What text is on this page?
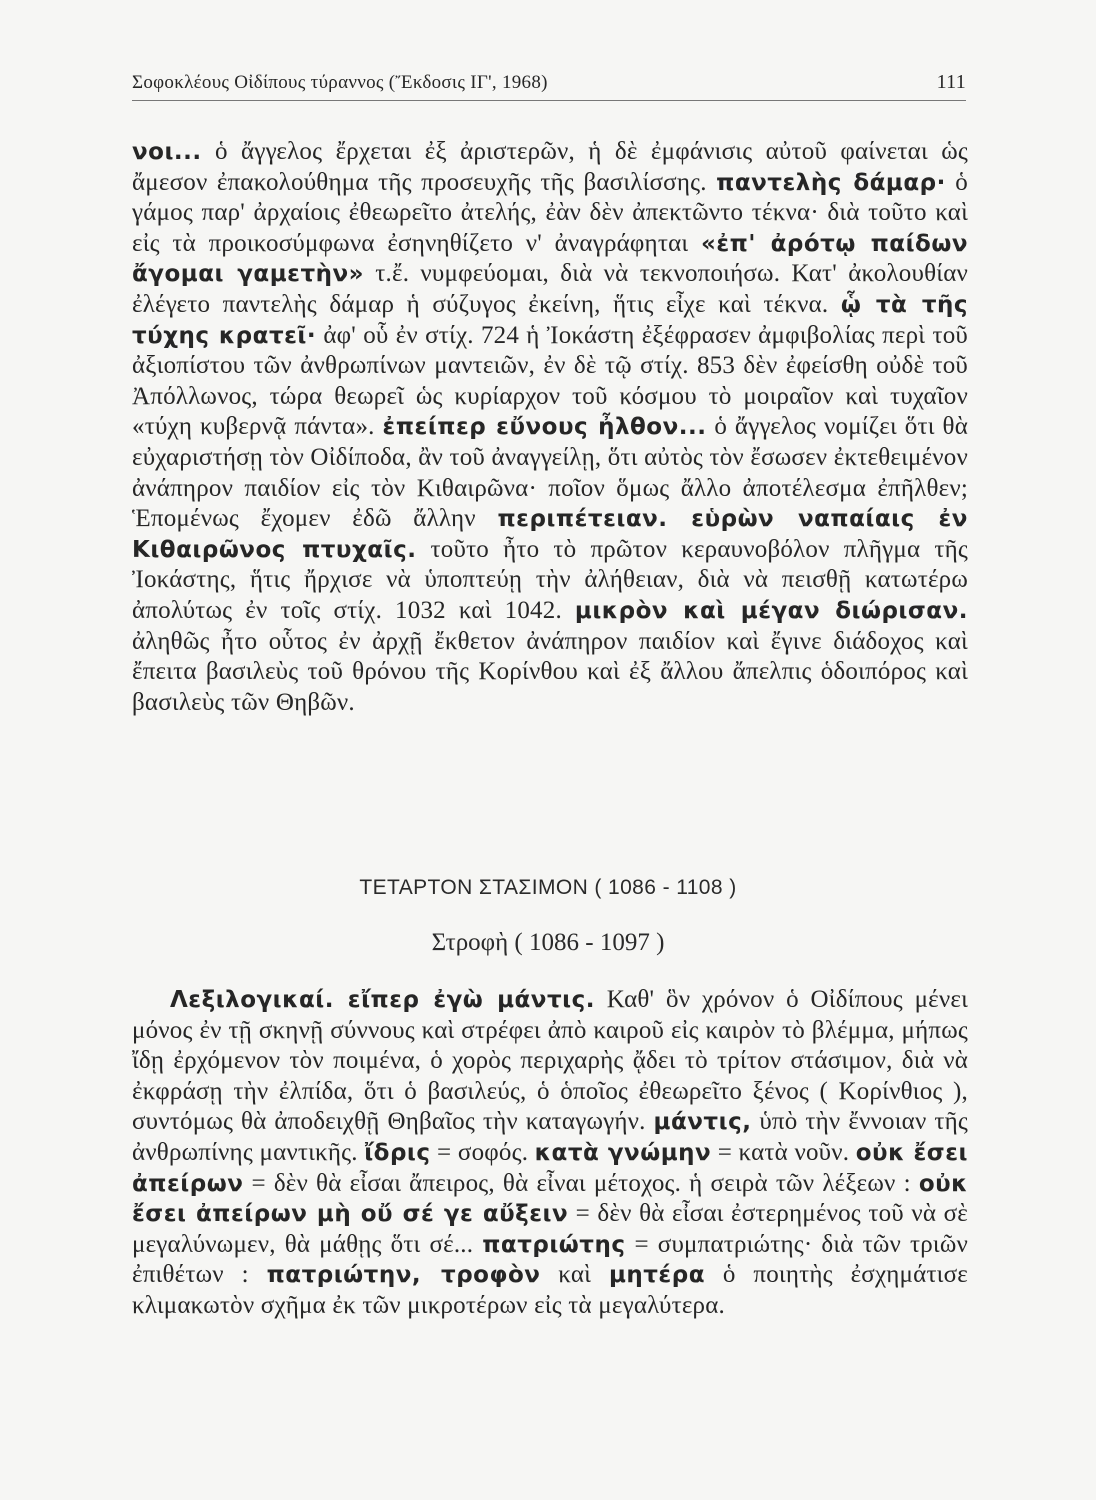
Σοφοκλέους Οἰδίπους τύραννος (Ἔκδοσις ΙΓ', 1968)	111
νοι... ὁ ἄγγελος ἔρχεται ἐξ ἀριστερῶν, ἡ δὲ ἐμφάνισις αὐτοῦ φαίνεται ὡς ἄμεσον ἐπακολούθημα τῆς προσευχῆς τῆς βασιλίσσης. παντελὴς δάμαρ· ὁ γάμος παρ' ἀρχαίοις ἐθεωρεῖτο ἀτελής, ἐὰν δὲν ἀπεκτῶντο τέκνα· διὰ τοῦτο καὶ εἰς τὰ προικοσύμφωνα ἐσηνηθίζετο ν' ἀναγράφηται «ἐπ' ἀρότῳ παίδων ἄγομαι γαμετὴν» τ.ἔ. νυμφεύομαι, διὰ νὰ τεκνοποιήσω. Κατ' ἀκολουθίαν ἐλέγετο παντελὴς δάμαρ ἡ σύζυγος ἐκείνη, ἥτις εἶχε καὶ τέκνα. ᾧ τὰ τῆς τύχης κρατεῖ· ἀφ' οὗ ἐν στίχ. 724 ἡ Ἰοκάστη ἐξέφρασεν ἀμφιβολίας περὶ τοῦ ἀξιοπίστου τῶν ἀνθρωπίνων μαντειῶν, ἐν δὲ τῷ στίχ. 853 δὲν ἐφείσθη οὐδὲ τοῦ Ἀπόλλωνος, τώρα θεωρεῖ ὡς κυρίαρχον τοῦ κόσμου τὸ μοιραῖον καὶ τυχαῖον «τύχη κυβερνᾷ πάντα». ἐπείπερ εὔνους ἦλθον... ὁ ἄγγελος νομίζει ὅτι θὰ εὐχαριστήσῃ τὸν Οἰδίποδα, ἂν τοῦ ἀναγγείλῃ, ὅτι αὐτὸς τὸν ἔσωσεν ἐκτεθειμένον ἀνάπηρον παιδίον εἰς τὸν Κιθαιρῶνα· ποῖον ὅμως ἄλλο ἀποτέλεσμα ἐπῆλθεν; Ἑπομένως ἔχομεν ἐδῶ ἄλλην περιπέτειαν. εὑρὼν ναπαίαις ἐν Κιθαιρῶνος πτυχαῖς. τοῦτο ἦτο τὸ πρῶτον κεραυνοβόλον πλῆγμα τῆς Ἰοκάστης, ἥτις ἤρχισε νὰ ὑποπτεύῃ τὴν ἀλήθειαν, διὰ νὰ πεισθῇ κατωτέρω ἀπολύτως ἐν τοῖς στίχ. 1032 καὶ 1042. μικρὸν καὶ μέγαν διώρισαν. ἀληθῶς ἦτο οὗτος ἐν ἀρχῇ ἔκθετον ἀνάπηρον παιδίον καὶ ἔγινε διάδοχος καὶ ἔπειτα βασιλεὺς τοῦ θρόνου τῆς Κορίνθου καὶ ἐξ ἄλλου ἄπελπις ὁδοιπόρος καὶ βασιλεὺς τῶν Θηβῶν.
ΤΕΤΑΡΤΟΝ ΣΤΑΣΙΜΟΝ ( 1086 - 1108 )
Στροφὴ ( 1086 - 1097 )
Λεξιλογικαί. εἴπερ ἐγὼ μάντις. Καθ' ὃν χρόνον ὁ Οἰδίπους μένει μόνος ἐν τῇ σκηνῇ σύννους καὶ στρέφει ἀπὸ καιροῦ εἰς καιρὸν τὸ βλέμμα, μήπως ἴδῃ ἐρχόμενον τὸν ποιμένα, ὁ χορὸς περιχαρὴς ᾄδει τὸ τρίτον στάσιμον, διὰ νὰ ἐκφράσῃ τὴν ἐλπίδα, ὅτι ὁ βασιλεύς, ὁ ὁποῖος ἐθεωρεῖτο ξένος ( Κορίνθιος ), συντόμως θὰ ἀποδειχθῇ Θηβαῖος τὴν καταγωγήν. μάντις, ὑπὸ τὴν ἔννοιαν τῆς ἀνθρωπίνης μαντικῆς. ἴδρις = σοφός. κατὰ γνώμην = κατὰ νοῦν. οὐκ ἔσει ἀπείρων = δὲν θὰ εἶσαι ἄπειρος, θὰ εἶναι μέτοχος. ἡ σειρὰ τῶν λέξεων : οὐκ ἔσει ἀπείρων μὴ οὔ σέ γε αὔξειν = δὲν θὰ εἶσαι ἐστερημένος τοῦ νὰ σὲ μεγαλύνωμεν, θὰ μάθῃς ὅτι σέ... πατριώτης = συμπατριώτης· διὰ τῶν τριῶν ἐπιθέτων : πατριώτην, τροφὸν καὶ μητέρα ὁ ποιητὴς ἐσχημάτισε κλιμακωτὸν σχῆμα ἐκ τῶν μικροτέρων εἰς τὰ μεγαλύτερα.
